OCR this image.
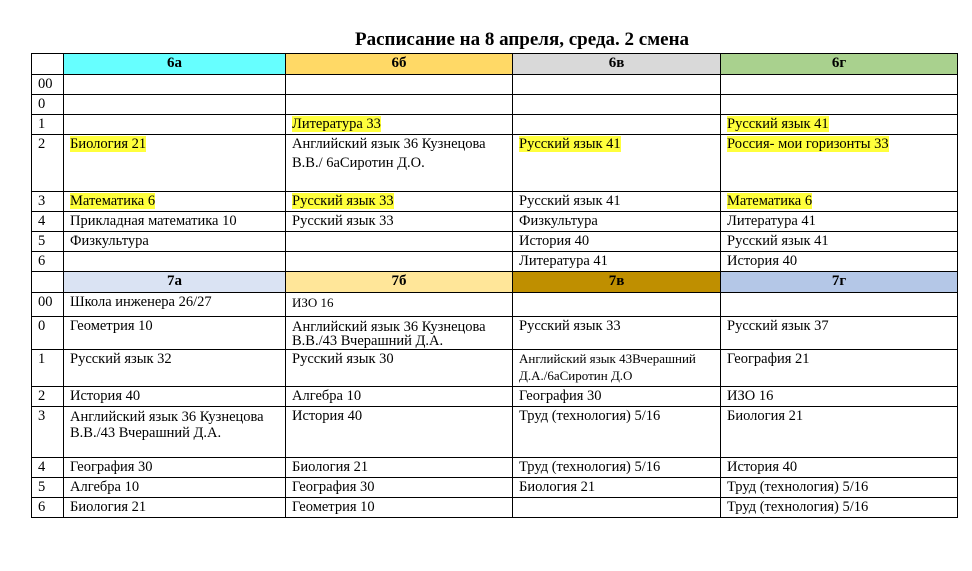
Расписание на 8 апреля, среда. 2 смена
	6а	6б	6в	6г
00				
0				
1		Литература 33		Русский язык 41
2	Биология 21	Английский язык 36 Кузнецова В.В./ 6аСиротин Д.О.	Русский язык 41	Россия- мои горизонты 33
3	Математика 6	Русский язык 33	Русский язык 41	Математика 6
4	Прикладная математика 10	Русский язык 33	Физкультура	Литература 41
5	Физкультура		История 40	Русский язык 41
6			Литература 41	История 40
	7а	7б	7в	7г
00	Школа инженера 26/27	ИЗО 16		
0	Геометрия 10	Английский язык 36 Кузнецова В.В./43 Вчерашний Д.А.	Русский язык 33	Русский язык 37
1	Русский язык 32	Русский язык 30	Английский язык 43Вчерашний Д.А./6аСиротин Д.О	География 21
2	История 40	Алгебра 10	География 30	ИЗО 16
3	Английский язык 36 Кузнецова В.В./43 Вчерашний Д.А.	История 40	Труд (технология) 5/16	Биология 21
4	География 30	Биология 21	Труд (технология) 5/16	История 40
5	Алгебра 10	География 30	Биология 21	Труд (технология) 5/16
6	Биология 21	Геометрия 10		Труд (технология) 5/16
